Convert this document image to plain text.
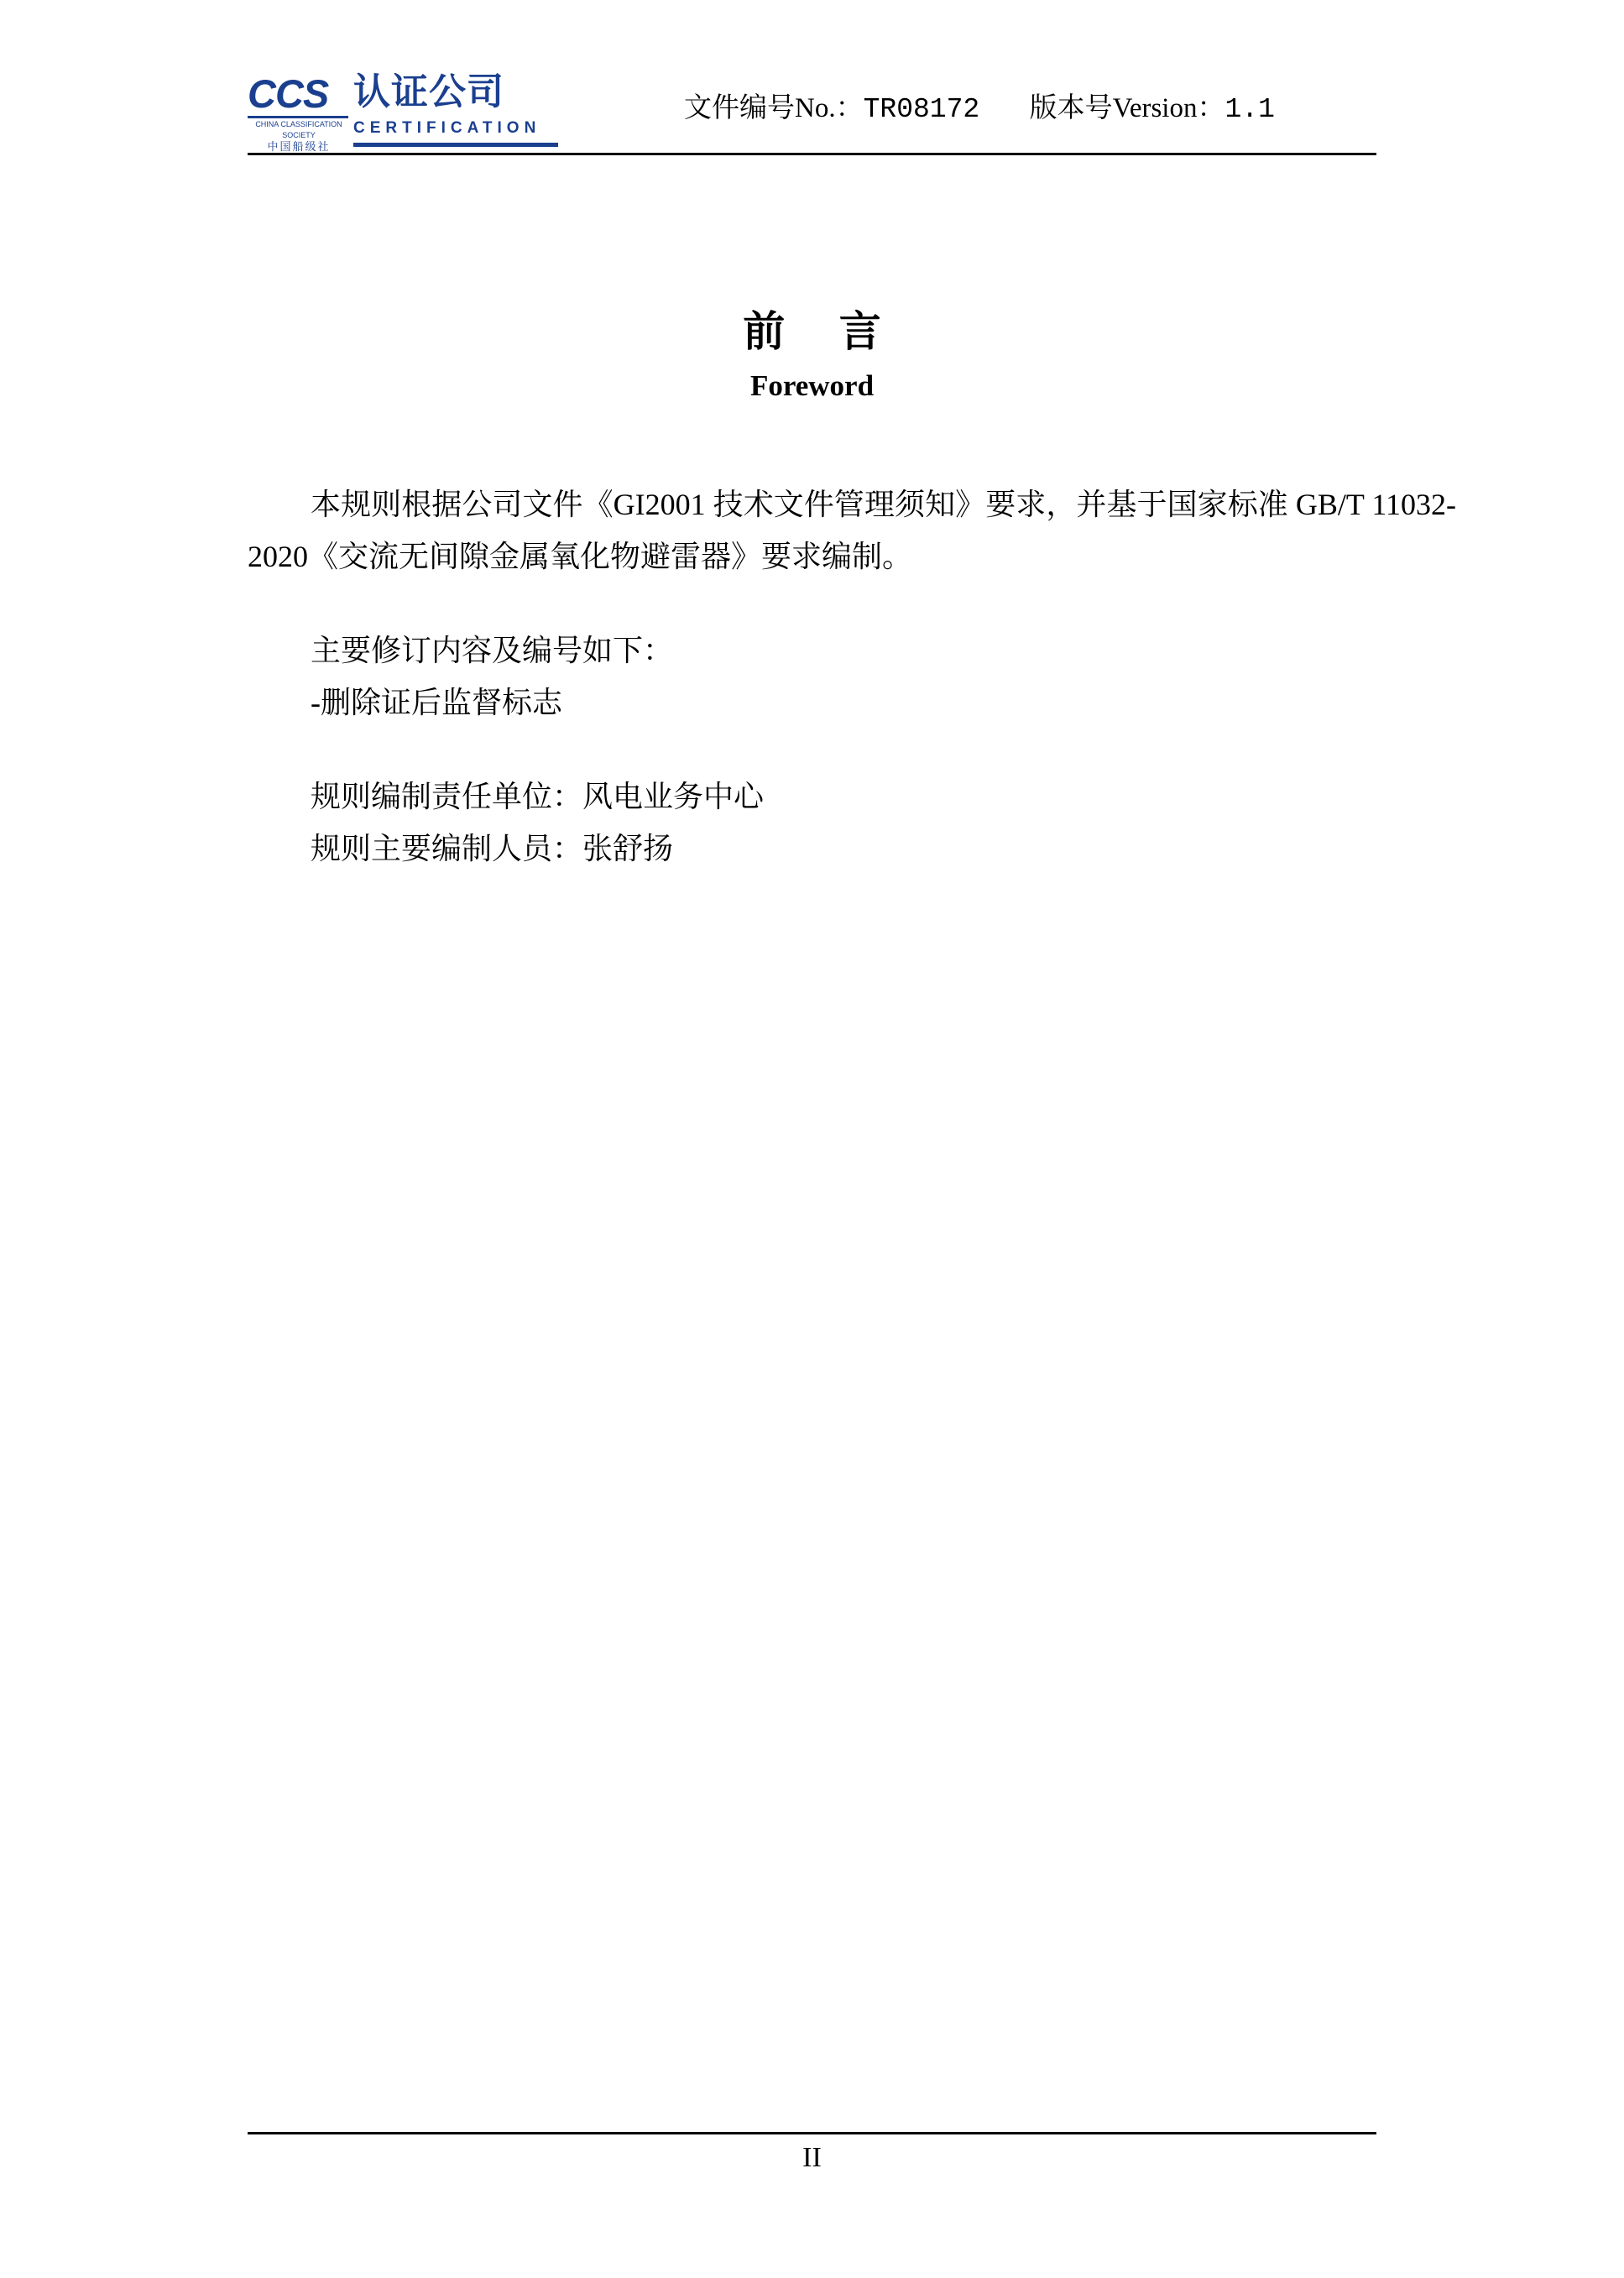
CCS 认证公司
CHINA CLASSIFICATION SOCIETY
中国船级社
CERTIFICATION
文件编号No.：TR08172 版本号Version：1.1
前 言
Foreword
本规则根据公司文件《GI2001 技术文件管理须知》要求，并基于国家标准 GB/T 11032-2020《交流无间隙金属氧化物避雷器》要求编制。
主要修订内容及编号如下：
-删除证后监督标志
规则编制责任单位：风电业务中心
规则主要编制人员：张舒扬
II
